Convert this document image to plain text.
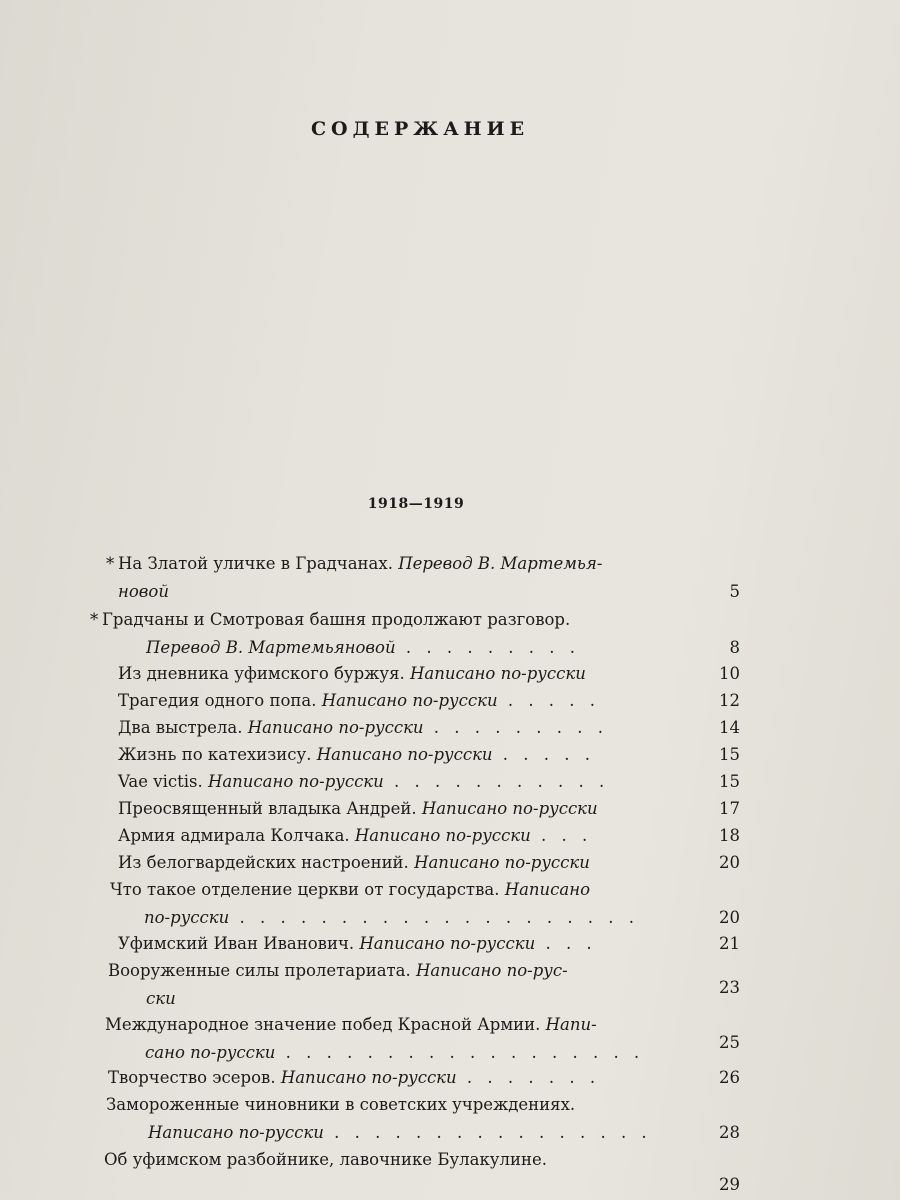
СОДЕРЖАНИЕ
1918—1919
* На Златой уличке в Градчанах. Перевод В. Мартемья-
новой	5
* Градчаны и Смотровая башня продолжают разговор.
Перевод В. Мартемьяновой . . . . . . . . .	8
Из дневника уфимского буржуя. Написано по-русски	10
Трагедия одного попа. Написано по-русски . . . . .	12
Два выстрела. Написано по-русски . . . . . . . . .	14
Жизнь по катехизису. Написано по-русски . . . . .	15
Vae victis. Написано по-русски . . . . . . . . . . .	15
Преосвященный владыка Андрей. Написано по-русски	17
Армия адмирала Колчака. Написано по-русски . . .	18
Из белогвардейских настроений. Написано по-русски	20
Что такое отделение церкви от государства. Написано
по-русски . . . . . . . . . . . . . . . . . . . .	20
Уфимский Иван Иванович. Написано по-русски . . .	21
Вооруженные силы пролетариата. Написано по-рус-
ски
23
Международное значение побед Красной Армии. Напи-
сано по-русски . . . . . . . . . . . . . . . . . .	25
Творчество эсеров. Написано по-русски . . . . . . .	26
Замороженные чиновники в советских учреждениях.
Написано по-русски . . . . . . . . . . . . . . . .	28
Об уфимском разбойнике, лавочнике Булакулине.
29
